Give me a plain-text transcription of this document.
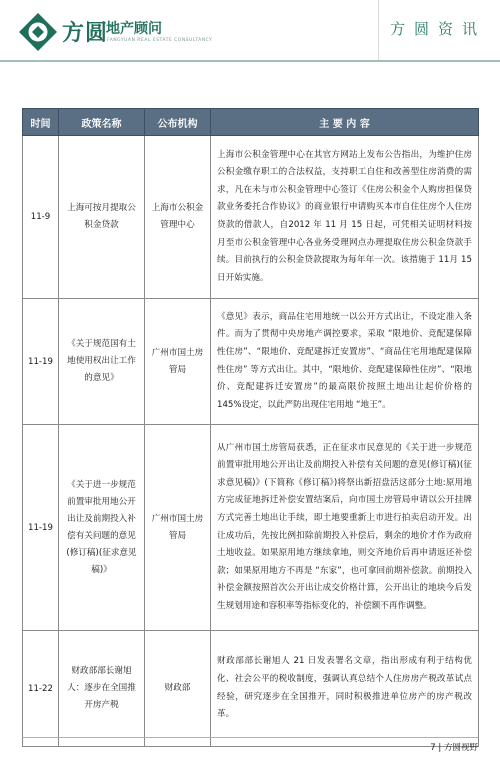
方圆
地产顾问
FANGYUAN REAL ESTATE CONSULTANCY
方圆资讯
时间	政策名称	公布机构	主 要 内 容
11-9	上海可按月提取公积金贷款	上海市公积金管理中心	上海市公积金管理中心在其官方网站上发布公告指出，为维护住房公积金缴存职工的合法权益，支持职工自住和改善型住房消费的需求，凡在未与市公积金管理中心签订《住房公积金个人购房担保贷款业务委托合作协议》的商业银行申请购买本市自住住房个人住房贷款的借款人，自2012 年 11 月 15 日起，可凭相关证明材料按月至市公积金管理中心各业务受理网点办理提取住房公积金贷款手续。目前执行的公积金贷款提取为每年年一次。该措施于 11月 15 日开始实施。
11-19	《关于规范国有土地使用权出让工作的意见》	广州市国土房管局	《意见》表示，商品住宅用地统一以公开方式出让，不设定准入条件。而为了贯彻中央房地产调控要求，采取 “限地价、竞配建保障性住房”、“限地价、竞配建拆迁安置房”、“商品住宅用地配建保障性住房” 等方式出让。其中，“限地价、竞配建保障性住房”、“限地价、竞配建拆迁安置房”的最高限价按照土地出让起价价格的 145%设定，以此严防出现住宅用地 “地王”。
11-19	《关于进一步规范前置审批用地公开出让及前期投入补偿有关问题的意见(修订稿)(征求意见稿)》	广州市国土房管局	从广州市国土房管局获悉，正在征求市民意见的《关于进一步规范前置审批用地公开出让及前期投入补偿有关问题的意见(修订稿)(征求意见稿)》(下简称《修订稿》)将祭出新招盘活这部分土地:原用地方完成征地拆迁补偿安置结案后，向市国土房管局申请以公开挂牌方式完善土地出让手续，即土地要重新上市进行拍卖启动开发。出让成功后，先按比例扣除前期投入补偿后，剩余的地价才作为政府土地收益。如果原用地方继续拿地，则交齐地价后再申请返还补偿款；如果原用地方不再是 “东家”，也可拿回前期补偿款。前期投入补偿金额按照首次公开出让成交价格计算，公开出让的地块今后发生规划用途和容积率等指标变化的，补偿额不再作调整。
11-22	财政部部长谢旭人：逐步在全国推开房产税	财政部	财政部部长谢旭人 21 日发表署名文章，指出形成有利于结构优化、社会公平的税收制度，强调认真总结个人住房房产税改革试点经验，研究逐步在全国推开，同时积极推进单位房产的房产税改革。
7 | 方圆视野
